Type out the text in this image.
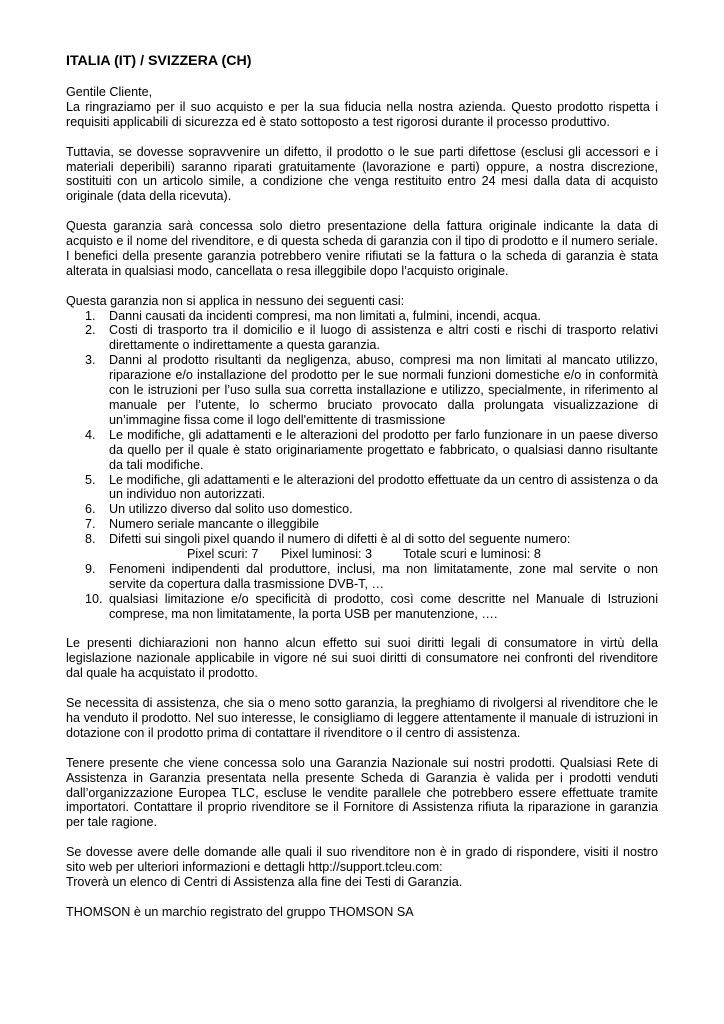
ITALIA (IT) / SVIZZERA (CH)

Gentile Cliente,
La ringraziamo per il suo acquisto e per la sua fiducia nella nostra azienda. Questo prodotto rispetta i requisiti applicabili di sicurezza ed è stato sottoposto a test rigorosi durante il processo produttivo.

Tuttavia, se dovesse sopravvenire un difetto, il prodotto o le sue parti difettose (esclusi gli accessori e i materiali deperibili) saranno riparati gratuitamente (lavorazione e parti) oppure, a nostra discrezione, sostituiti con un articolo simile, a condizione che venga restituito entro 24 mesi dalla data di acquisto originale (data della ricevuta).

Questa garanzia sarà concessa solo dietro presentazione della fattura originale indicante la data di acquisto e il nome del rivenditore, e di questa scheda di garanzia con il tipo di prodotto e il numero seriale. I benefici della presente garanzia potrebbero venire rifiutati se la fattura o la scheda di garanzia è stata alterata in qualsiasi modo, cancellata o resa illeggibile dopo l’acquisto originale.

Questa garanzia non si applica in nessuno dei seguenti casi:
1.	Danni causati da incidenti compresi, ma non limitati a, fulmini, incendi, acqua.
2.	Costi di trasporto tra il domicilio e il luogo di assistenza e altri costi e rischi di trasporto relativi direttamente o indirettamente a questa garanzia.
3.	Danni al prodotto risultanti da negligenza, abuso, compresi ma non limitati al mancato utilizzo, riparazione e/o installazione del prodotto per le sue normali funzioni domestiche e/o in conformità con le istruzioni per l’uso sulla sua corretta installazione e utilizzo, specialmente, in riferimento al manuale per l’utente, lo schermo bruciato provocato dalla prolungata visualizzazione di un’immagine fissa come il logo dell'emittente di trasmissione
4.	Le modifiche, gli adattamenti e le alterazioni del prodotto per farlo funzionare in un paese diverso da quello per il quale è stato originariamente progettato e fabbricato, o qualsiasi danno risultante da tali modifiche.
5.	Le modifiche, gli adattamenti e le alterazioni del prodotto effettuate da un centro di assistenza o da un individuo non autorizzati.
6.	Un utilizzo diverso dal solito uso domestico.
7.	Numero seriale mancante o illeggibile
8.	Difetti sui singoli pixel quando il numero di difetti è al di sotto del seguente numero:
Pixel scuri: 7 Pixel luminosi: 3 Totale scuri e luminosi: 8
9.	Fenomeni indipendenti dal produttore, inclusi, ma non limitatamente, zone mal servite o non servite da copertura dalla trasmissione DVB-T, …
10. qualsiasi limitazione e/o specificità di prodotto, così come descritte nel Manuale di Istruzioni comprese, ma non limitatamente, la porta USB per manutenzione, ….

Le presenti dichiarazioni non hanno alcun effetto sui suoi diritti legali di consumatore in virtù della legislazione nazionale applicabile in vigore né sui suoi diritti di consumatore nei confronti del rivenditore dal quale ha acquistato il prodotto.

Se necessita di assistenza, che sia o meno sotto garanzia, la preghiamo di rivolgersi al rivenditore che le ha venduto il prodotto. Nel suo interesse, le consigliamo di leggere attentamente il manuale di istruzioni in dotazione con il prodotto prima di contattare il rivenditore o il centro di assistenza.

Tenere presente che viene concessa solo una Garanzia Nazionale sui nostri prodotti. Qualsiasi Rete di Assistenza in Garanzia presentata nella presente Scheda di Garanzia è valida per i prodotti venduti dall’organizzazione Europea TLC, escluse le vendite parallele che potrebbero essere effettuate tramite importatori. Contattare il proprio rivenditore se il Fornitore di Assistenza rifiuta la riparazione in garanzia per tale ragione.

Se dovesse avere delle domande alle quali il suo rivenditore non è in grado di rispondere, visiti il nostro sito web per ulteriori informazioni e dettagli http://support.tcleu.com:
Troverà un elenco di Centri di Assistenza alla fine dei Testi di Garanzia.

THOMSON è un marchio registrato del gruppo THOMSON SA
